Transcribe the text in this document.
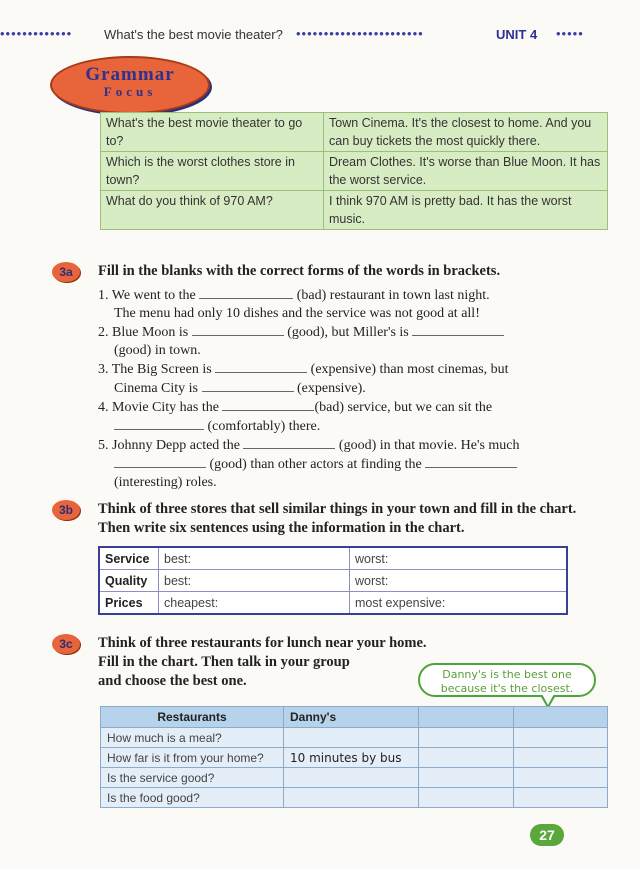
•••••••••••••	What's the best movie theater? •••••••••••••••••••••••	UNIT 4 •••••
Grammar
Focus
What's the best movie theater to go to?	Town Cinema. It's the closest to home. And you can buy tickets the most quickly there.
Which is the worst clothes store in town?	Dream Clothes. It's worse than Blue Moon. It has the worst service.
What do you think of 970 AM?	I think 970 AM is pretty bad. It has the worst music.
3a	Fill in the blanks with the correct forms of the words in brackets.
1. We went to the	(bad) restaurant in town last night.
The menu had only 10 dishes and the service was not good at all!
2. Blue Moon is	(good), but Miller's is
(good) in town.
3. The Big Screen is	(expensive) than most cinemas, but
Cinema City is	(expensive).
4. Movie City has the	(bad) service, but we can sit the
(comfortably) there.
5. Johnny Depp acted the	(good) in that movie. He's much
(good) than other actors at finding the
(interesting) roles.
3b	Think of three stores that sell similar things in your town and fill in the chart. Then write six sentences using the information in the chart.
Service	best:	worst:
Quality	best:	worst:
Prices	cheapest:	most expensive:
3c	Think of three restaurants for lunch near your home.
Fill in the chart. Then talk in your group
and choose the best one.	Danny's is the best one
because it's the closest.
Restaurants	Danny's		
How much is a meal?			
How far is it from your home?	10 minutes by bus		
Is the service good?			
Is the food good?			
27
